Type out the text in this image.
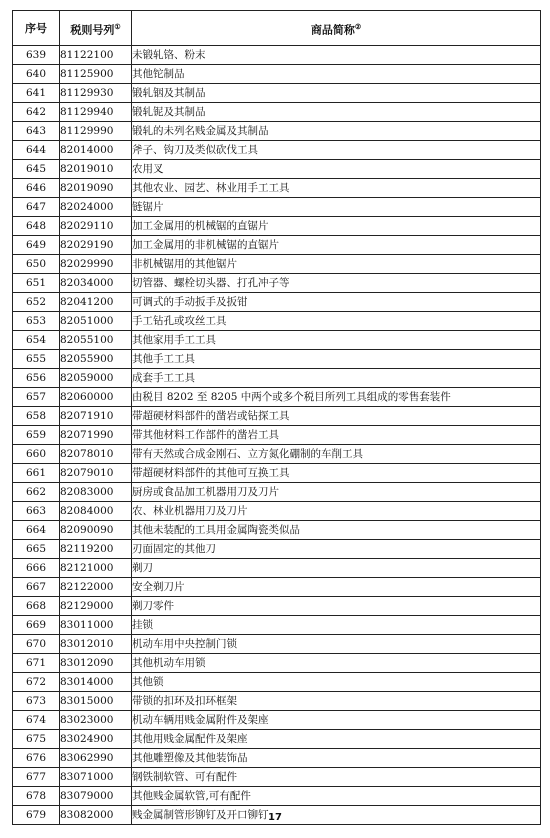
序号	税则号列①	商品简称②
639	81122100	未锻轧铬、粉末
640	81125900	其他铊制品
641	81129930	锻轧铟及其制品
642	81129940	锻轧铌及其制品
643	81129990	锻轧的未列名贱金属及其制品
644	82014000	斧子、钩刀及类似砍伐工具
645	82019010	农用叉
646	82019090	其他农业、园艺、林业用手工工具
647	82024000	链锯片
648	82029110	加工金属用的机械锯的直锯片
649	82029190	加工金属用的非机械锯的直锯片
650	82029990	非机械锯用的其他锯片
651	82034000	切管器、螺栓切头器、打孔冲子等
652	82041200	可调式的手动扳手及扳钳
653	82051000	手工钻孔或攻丝工具
654	82055100	其他家用手工工具
655	82055900	其他手工工具
656	82059000	成套手工工具
657	82060000	由税目 8202 至 8205 中两个或多个税目所列工具组成的零售套装件
658	82071910	带超硬材料部件的凿岩或钻探工具
659	82071990	带其他材料工作部件的凿岩工具
660	82078010	带有天然或合成金刚石、立方氮化硼制的车削工具
661	82079010	带超硬材料部件的其他可互换工具
662	82083000	厨房或食品加工机器用刀及刀片
663	82084000	农、林业机器用刀及刀片
664	82090090	其他未装配的工具用金属陶瓷类似品
665	82119200	刃面固定的其他刀
666	82121000	剃刀
667	82122000	安全剃刀片
668	82129000	剃刀零件
669	83011000	挂锁
670	83012010	机动车用中央控制门锁
671	83012090	其他机动车用锁
672	83014000	其他锁
673	83015000	带锁的扣环及扣环框架
674	83023000	机动车辆用贱金属附件及架座
675	83024900	其他用贱金属配件及架座
676	83062990	其他雕塑像及其他装饰品
677	83071000	钢铁制软管、可有配件
678	83079000	其他贱金属软管,可有配件
679	83082000	贱金属制管形铆钉及开口铆钉 17
